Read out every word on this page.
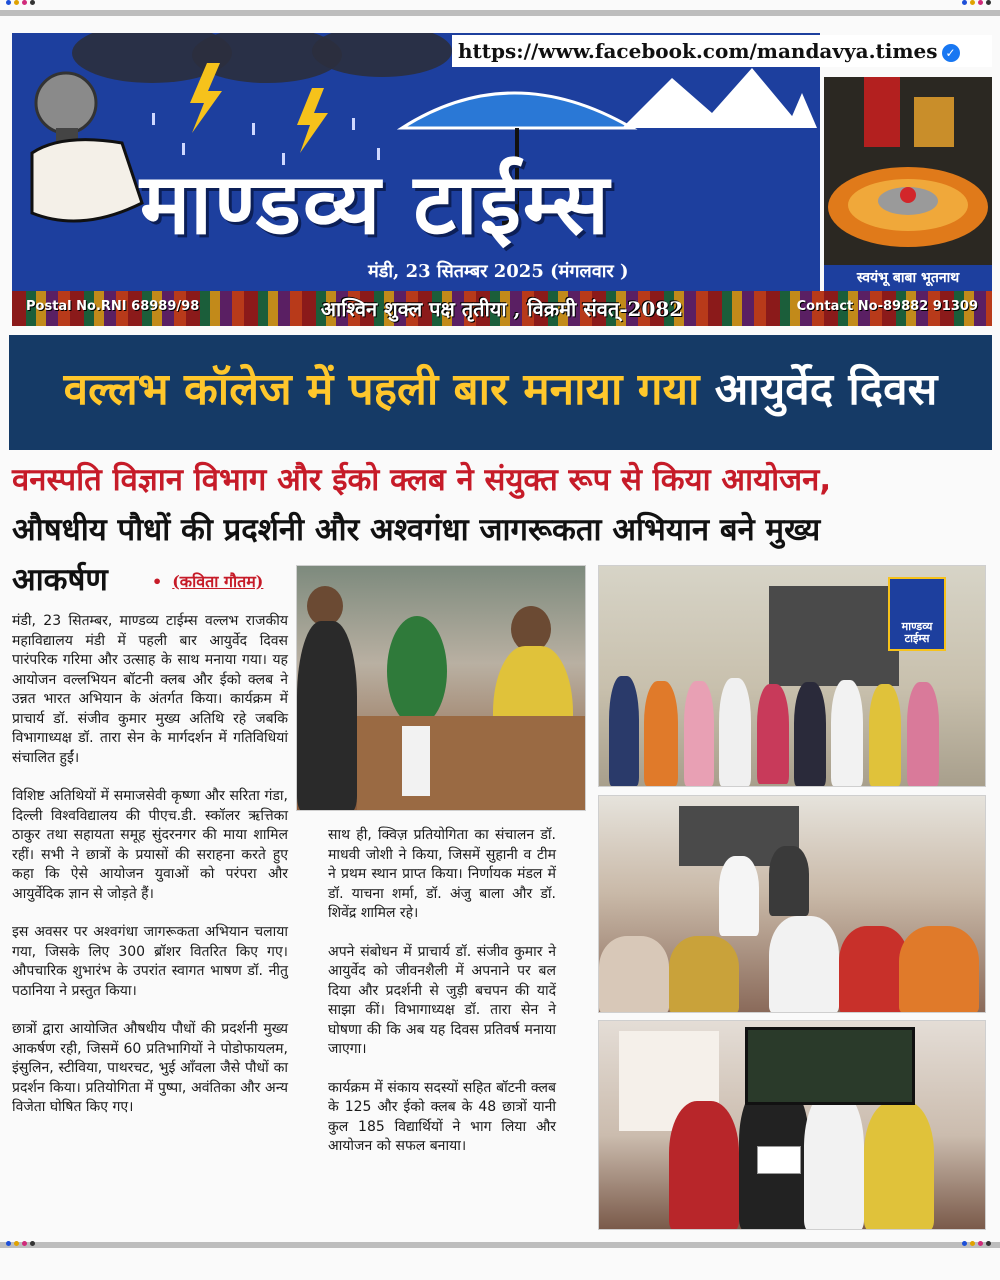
माण्डव्य टाईम्स
मंडी, 23 सितम्बर 2025 (मंगलवार )
https://www.facebook.com/mandavya.times ✓
स्वयंभू बाबा भूतनाथ
Postal No.RNI 68989/98	आश्विन शुक्ल पक्ष तृतीया , विक्रमी संवत्-2082	Contact No-89882 91309
वल्लभ कॉलेज में पहली बार मनाया गया आयुर्वेद दिवस
वनस्पति विज्ञान विभाग और ईको क्लब ने संयुक्त रूप से किया आयोजन,
औषधीय पौधों की प्रदर्शनी और अश्वगंधा जागरूकता अभियान बने मुख्य
आकर्षण	• (कविता गौतम)

मंडी, 23 सितम्बर, माण्डव्य टाईम्स वल्लभ राजकीय महाविद्यालय मंडी में पहली बार आयुर्वेद दिवस पारंपरिक गरिमा और उत्साह के साथ मनाया गया। यह आयोजन वल्लभियन बॉटनी क्लब और ईको क्लब ने उन्नत भारत अभियान के अंतर्गत किया। कार्यक्रम में प्राचार्य डॉ. संजीव कुमार मुख्य अतिथि रहे जबकि विभागाध्यक्ष डॉ. तारा सेन के मार्गदर्शन में गतिविधियां संचालित हुईं।

विशिष्ट अतिथियों में समाजसेवी कृष्णा और सरिता गंडा, दिल्ली विश्वविद्यालय की पीएच.डी. स्कॉलर ऋत्तिका ठाकुर तथा सहायता समूह सुंदरनगर की माया शामिल रहीं। सभी ने छात्रों के प्रयासों की सराहना करते हुए कहा कि ऐसे आयोजन युवाओं को परंपरा और आयुर्वेदिक ज्ञान से जोड़ते हैं।

इस अवसर पर अश्वगंधा जागरूकता अभियान चलाया गया, जिसके लिए 300 ब्रॉशर वितरित किए गए। औपचारिक शुभारंभ के उपरांत स्वागत भाषण डॉ. नीतु पठानिया ने प्रस्तुत किया।

छात्रों द्वारा आयोजित औषधीय पौधों की प्रदर्शनी मुख्य आकर्षण रही, जिसमें 60 प्रतिभागियों ने पोडोफायलम, इंसुलिन, स्टीविया, पाथरचट, भुई आँवला जैसे पौधों का प्रदर्शन किया। प्रतियोगिता में पुष्पा, अवंतिका और अन्य विजेता घोषित किए गए।

साथ ही, क्विज़ प्रतियोगिता का संचालन डॉ. माधवी जोशी ने किया, जिसमें सुहानी व टीम ने प्रथम स्थान प्राप्त किया। निर्णायक मंडल में डॉ. याचना शर्मा, डॉ. अंजु बाला और डॉ. शिवेंद्र शामिल रहे।

अपने संबोधन में प्राचार्य डॉ. संजीव कुमार ने आयुर्वेद को जीवनशैली में अपनाने पर बल दिया और प्रदर्शनी से जुड़ी बचपन की यादें साझा कीं। विभागाध्यक्ष डॉ. तारा सेन ने घोषणा की कि अब यह दिवस प्रतिवर्ष मनाया जाएगा।

कार्यक्रम में संकाय सदस्यों सहित बॉटनी क्लब के 125 और ईको क्लब के 48 छात्रों यानी कुल 185 विद्यार्थियों ने भाग लिया और आयोजन को सफल बनाया।

माण्डव्य
टाईम्स
